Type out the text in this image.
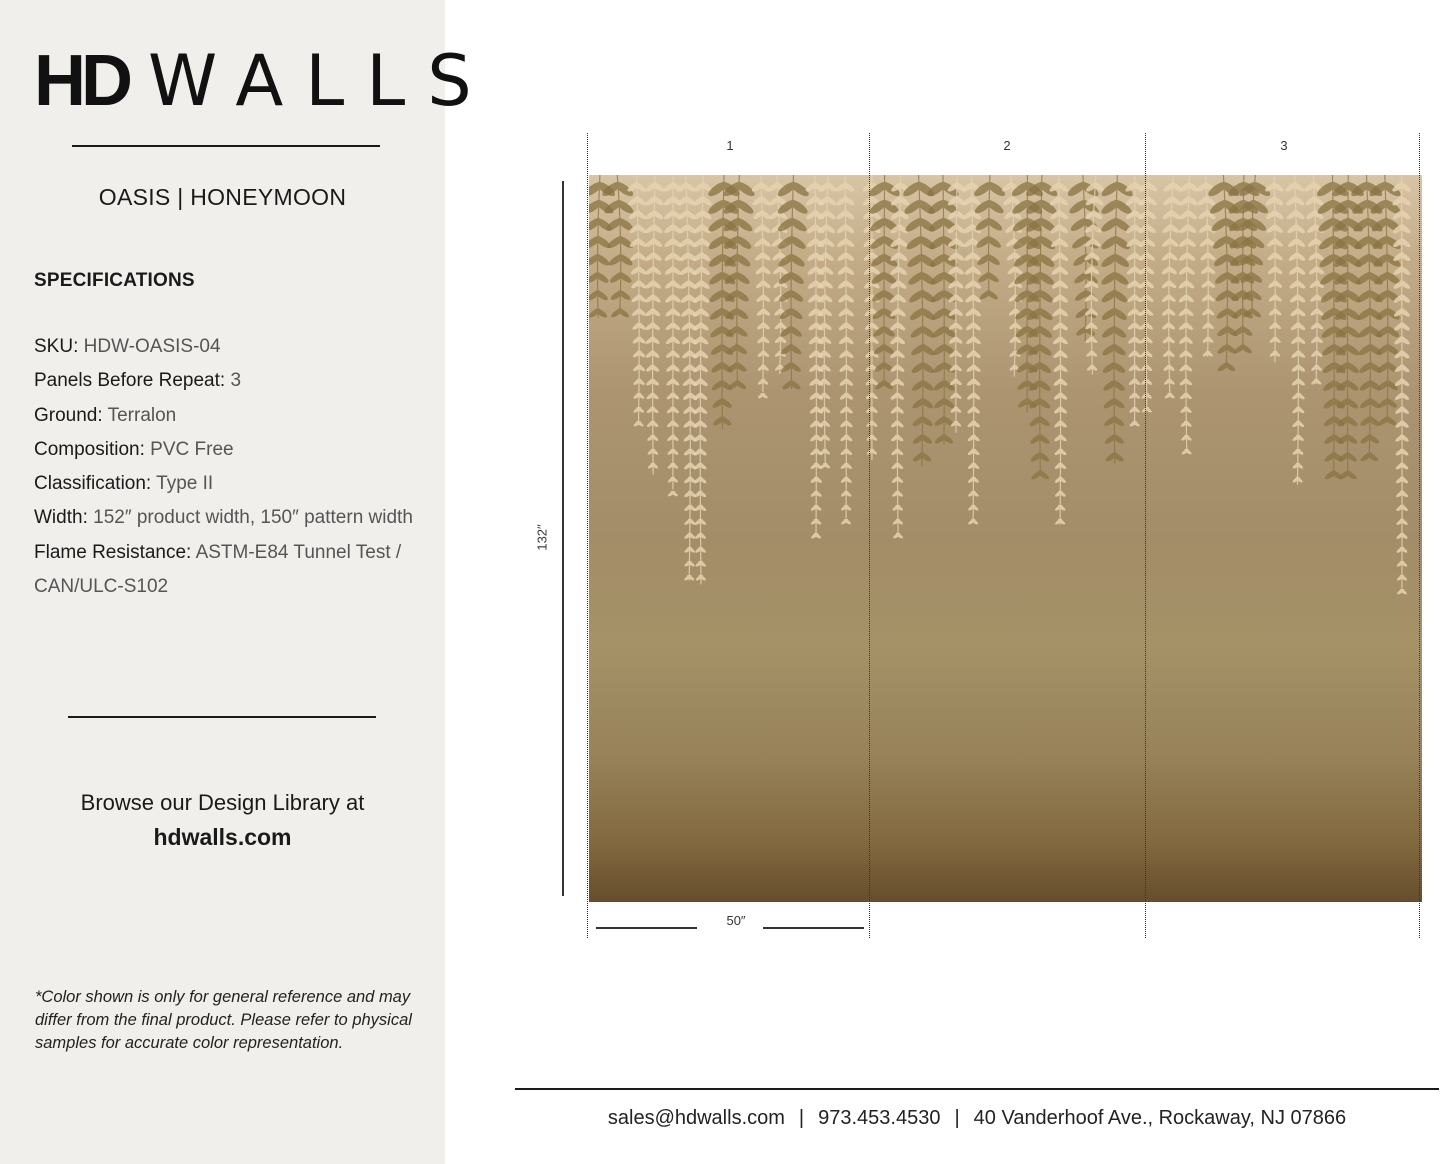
HD WALLS
OASIS | HONEYMOON
SPECIFICATIONS
SKU: HDW-OASIS-04
Panels Before Repeat: 3
Ground: Terralon
Composition: PVC Free
Classification: Type II
Width: 152″ product width, 150″ pattern width
Flame Resistance: ASTM-E84 Tunnel Test /
CAN/ULC-S102
Browse our Design Library at
hdwalls.com
*Color shown is only for general reference and may differ from the final product. Please refer to physical samples for accurate color representation.
1	2	3
132″
50″
sales@hdwalls.com | 973.453.4530 | 40 Vanderhoof Ave., Rockaway, NJ 07866
